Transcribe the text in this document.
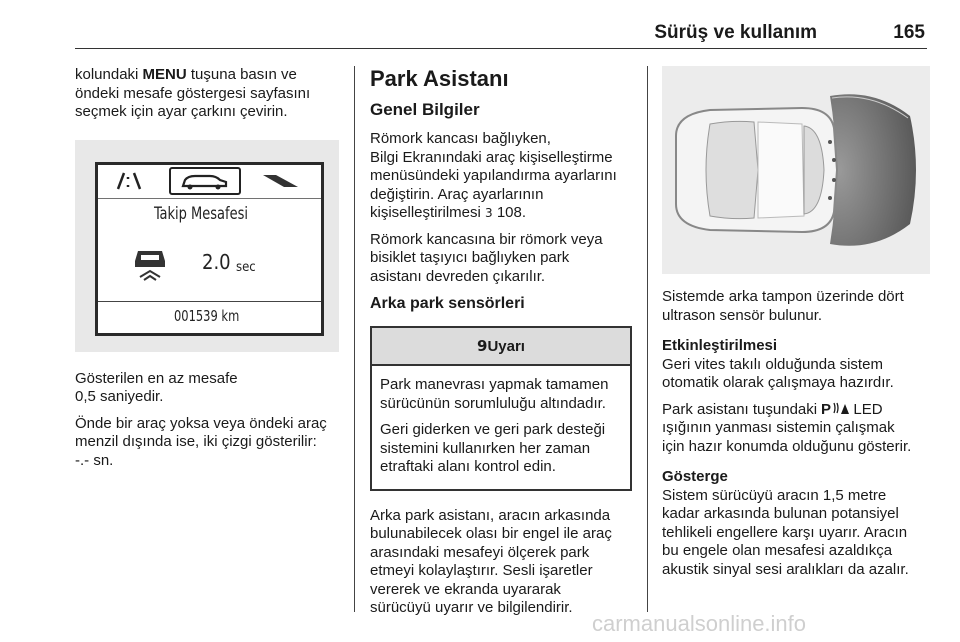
Sürüş ve kullanım	165

kolundaki MENU tuşuna basın ve
öndeki mesafe göstergesi sayfasını
seçmek için ayar çarkını çevirin.

Takip Mesafesi
2.0 sec
001539 km

Gösterilen en az mesafe
0,5 saniyedir.

Önde bir araç yoksa veya öndeki araç
menzil dışında ise, iki çizgi gösterilir:
-.- sn.

Park Asistanı
Genel Bilgiler

Römork kancası bağlıyken,
Bilgi Ekranındaki araç kişiselleştirme
menüsündeki yapılandırma ayarlarını
değiştirin. Araç ayarlarının
kişiselleştirilmesi 3 108.

Römork kancasına bir römork veya
bisiklet taşıyıcı bağlıyken park
asistanı devreden çıkarılır.

Arka park sensörleri
9Uyarı

Park manevrası yapmak tamamen
sürücünün sorumluluğu altındadır.

Geri giderken ve geri park desteği
sistemini kullanırken her zaman
etraftaki alanı kontrol edin.

Arka park asistanı, aracın arkasında
bulunabilecek olası bir engel ile araç
arasındaki mesafeyi ölçerek park
etmeyi kolaylaştırır. Sesli işaretler
vererek ve ekranda uyararak
sürücüyü uyarır ve bilgilendirir.

Sistemde arka tampon üzerinde dört
ultrason sensör bulunur.

Etkinleştirilmesi
Geri vites takılı olduğunda sistem
otomatik olarak çalışmaya hazırdır.

Park asistanı tuşundaki P LED
ışığının yanması sistemin çalışmak
için hazır konumda olduğunu gösterir.

Gösterge
Sistem sürücüyü aracın 1,5 metre
kadar arkasında bulunan potansiyel
tehlikeli engellere karşı uyarır. Aracın
bu engele olan mesafesi azaldıkça
akustik sinyal sesi aralıkları da azalır.

carmanualsonline.info
